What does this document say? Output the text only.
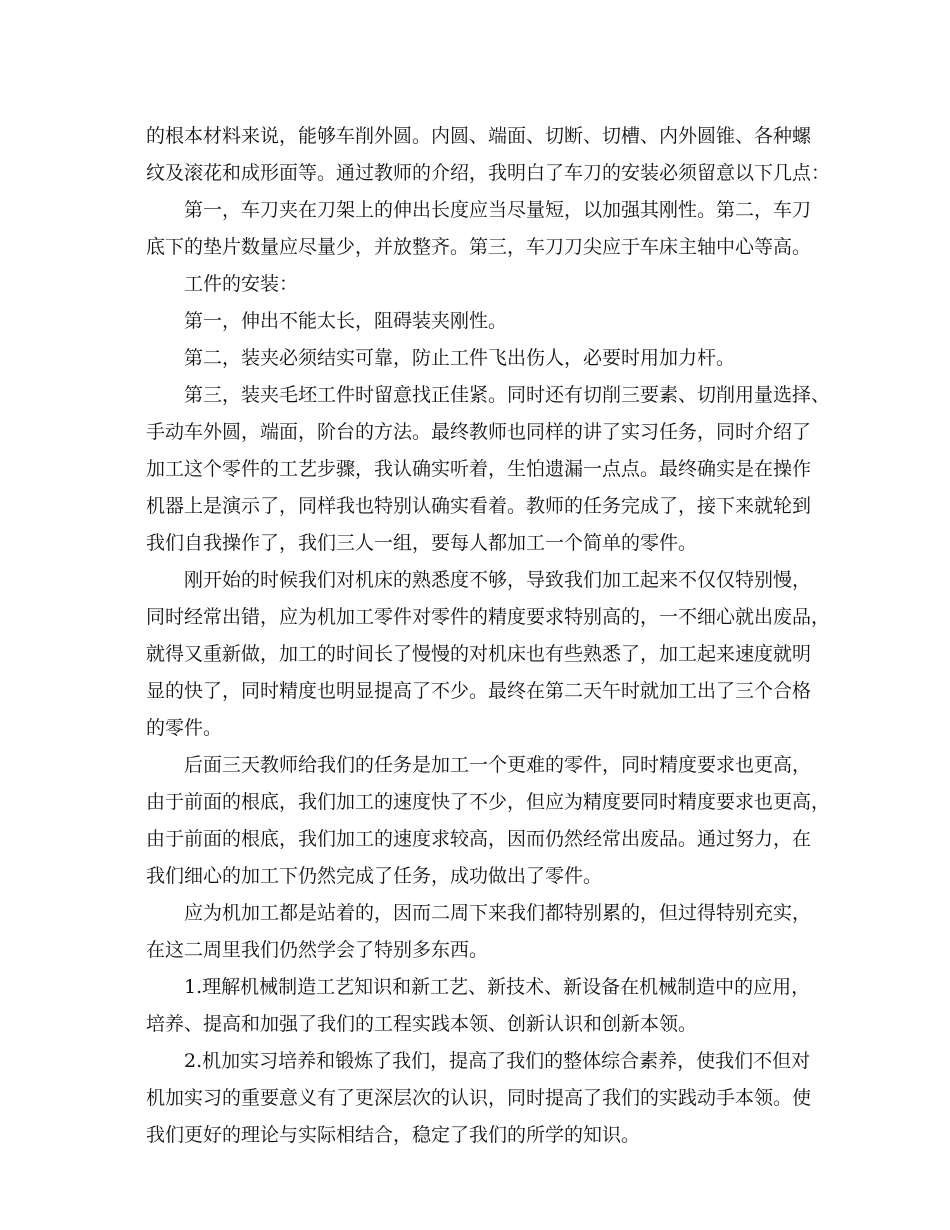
的根本材料来说，能够车削外圆。内圆、端面、切断、切槽、内外圆锥、各种螺

纹及滚花和成形面等。通过教师的介绍，我明白了车刀的安装必须留意以下几点：

第一，车刀夹在刀架上的伸出长度应当尽量短，以加强其刚性。第二，车刀

底下的垫片数量应尽量少，并放整齐。第三，车刀刀尖应于车床主轴中心等高。

工件的安装：

第一，伸出不能太长，阻碍装夹刚性。

第二，装夹必须结实可靠，防止工件飞出伤人，必要时用加力杆。

第三，装夹毛坯工件时留意找正佳紧。同时还有切削三要素、切削用量选择、

手动车外圆，端面，阶台的方法。最终教师也同样的讲了实习任务，同时介绍了

加工这个零件的工艺步骤，我认确实听着，生怕遗漏一点点。最终确实是在操作

机器上是演示了，同样我也特别认确实看着。教师的任务完成了，接下来就轮到

我们自我操作了，我们三人一组，要每人都加工一个简单的零件。

刚开始的时候我们对机床的熟悉度不够，导致我们加工起来不仅仅特别慢，

同时经常出错，应为机加工零件对零件的精度要求特别高的，一不细心就出废品，

就得又重新做，加工的时间长了慢慢的对机床也有些熟悉了，加工起来速度就明

显的快了，同时精度也明显提高了不少。最终在第二天午时就加工出了三个合格

的零件。

后面三天教师给我们的任务是加工一个更难的零件，同时精度要求也更高，

由于前面的根底，我们加工的速度快了不少，但应为精度要同时精度要求也更高，

由于前面的根底，我们加工的速度求较高，因而仍然经常出废品。通过努力，在

我们细心的加工下仍然完成了任务，成功做出了零件。

应为机加工都是站着的，因而二周下来我们都特别累的，但过得特别充实，

在这二周里我们仍然学会了特别多东西。

1.理解机械制造工艺知识和新工艺、新技术、新设备在机械制造中的应用，

培养、提高和加强了我们的工程实践本领、创新认识和创新本领。

2.机加实习培养和锻炼了我们，提高了我们的整体综合素养，使我们不但对

机加实习的重要意义有了更深层次的认识，同时提高了我们的实践动手本领。使

我们更好的理论与实际相结合，稳定了我们的所学的知识。
